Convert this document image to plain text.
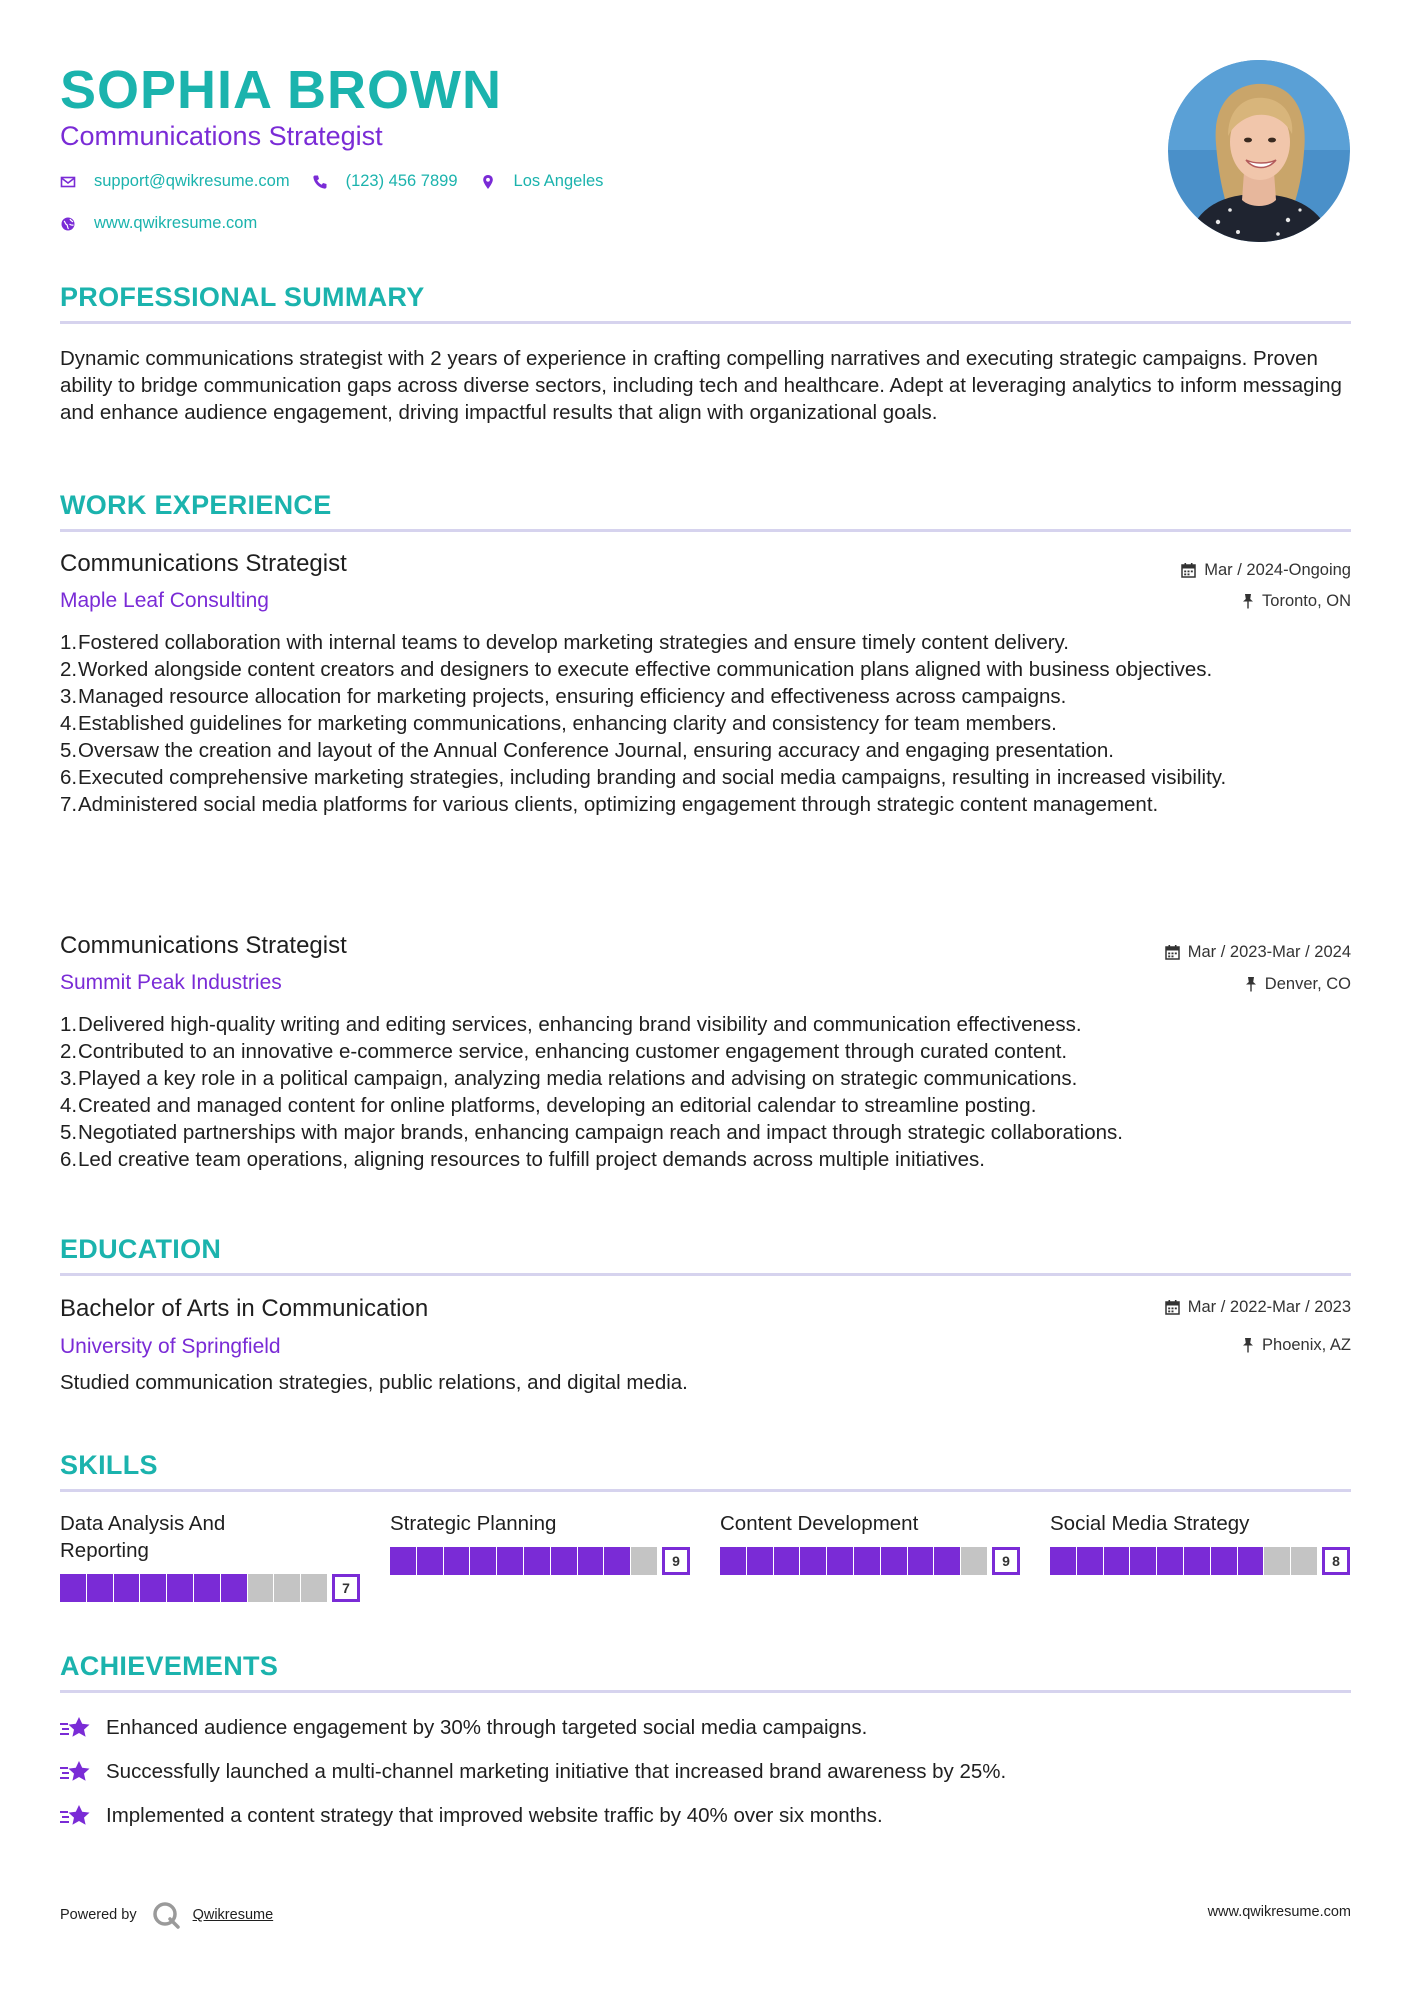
SOPHIA BROWN
Communications Strategist
support@qwikresume.com	(123) 456 7899	Los Angeles
www.qwikresume.com
PROFESSIONAL SUMMARY
Dynamic communications strategist with 2 years of experience in crafting compelling narratives and executing strategic campaigns. Proven ability to bridge communication gaps across diverse sectors, including tech and healthcare. Adept at leveraging analytics to inform messaging and enhance audience engagement, driving impactful results that align with organizational goals.
WORK EXPERIENCE
Communications Strategist
Maple Leaf Consulting
Mar / 2024-Ongoing
Toronto, ON
1. Fostered collaboration with internal teams to develop marketing strategies and ensure timely content delivery.
2. Worked alongside content creators and designers to execute effective communication plans aligned with business objectives.
3. Managed resource allocation for marketing projects, ensuring efficiency and effectiveness across campaigns.
4. Established guidelines for marketing communications, enhancing clarity and consistency for team members.
5. Oversaw the creation and layout of the Annual Conference Journal, ensuring accuracy and engaging presentation.
6. Executed comprehensive marketing strategies, including branding and social media campaigns, resulting in increased visibility.
7. Administered social media platforms for various clients, optimizing engagement through strategic content management.
Communications Strategist
Summit Peak Industries
Mar / 2023-Mar / 2024
Denver, CO
1. Delivered high-quality writing and editing services, enhancing brand visibility and communication effectiveness.
2. Contributed to an innovative e-commerce service, enhancing customer engagement through curated content.
3. Played a key role in a political campaign, analyzing media relations and advising on strategic communications.
4. Created and managed content for online platforms, developing an editorial calendar to streamline posting.
5. Negotiated partnerships with major brands, enhancing campaign reach and impact through strategic collaborations.
6. Led creative team operations, aligning resources to fulfill project demands across multiple initiatives.
EDUCATION
Bachelor of Arts in Communication
University of Springfield
Mar / 2022-Mar / 2023
Phoenix, AZ
Studied communication strategies, public relations, and digital media.
SKILLS
Data Analysis And Reporting
7
Strategic Planning
9
Content Development
9
Social Media Strategy
8
ACHIEVEMENTS
Enhanced audience engagement by 30% through targeted social media campaigns.
Successfully launched a multi-channel marketing initiative that increased brand awareness by 25%.
Implemented a content strategy that improved website traffic by 40% over six months.
Powered by	Qwikresume	www.qwikresume.com
